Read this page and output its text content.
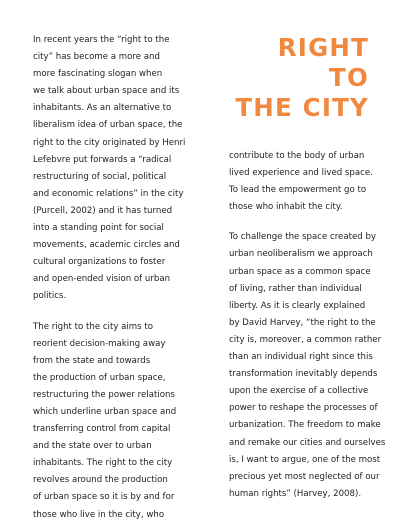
RIGHT
TO
THE CITY

In recent years the “right to the
city” has become a more and
more fascinating slogan when
we talk about urban space and its
inhabitants. As an alternative to
liberalism idea of urban space, the
right to the city originated by Henri
Lefebvre put forwards a “radical
restructuring of social, political
and economic relations” in the city
(Purcell, 2002) and it has turned
into a standing point for social
movements, academic circles and
cultural organizations to foster
and open-ended vision of urban
politics.

The right to the city aims to
reorient decision-making away
from the state and towards
the production of urban space,
restructuring the power relations
which underline urban space and
transferring control from capital
and the state over to urban
inhabitants. The right to the city
revolves around the production
of urban space so it is by and for
those who live in the city, who

contribute to the body of urban
lived experience and lived space.
To lead the empowerment go to
those who inhabit the city.

To challenge the space created by
urban neoliberalism we approach
urban space as a common space
of living, rather than individual
liberty. As it is clearly explained
by David Harvey, “the right to the
city is, moreover, a common rather
than an individual right since this
transformation inevitably depends
upon the exercise of a collective
power to reshape the processes of
urbanization. The freedom to make
and remake our cities and ourselves
is, I want to argue, one of the most
precious yet most neglected of our
human rights” (Harvey, 2008).
